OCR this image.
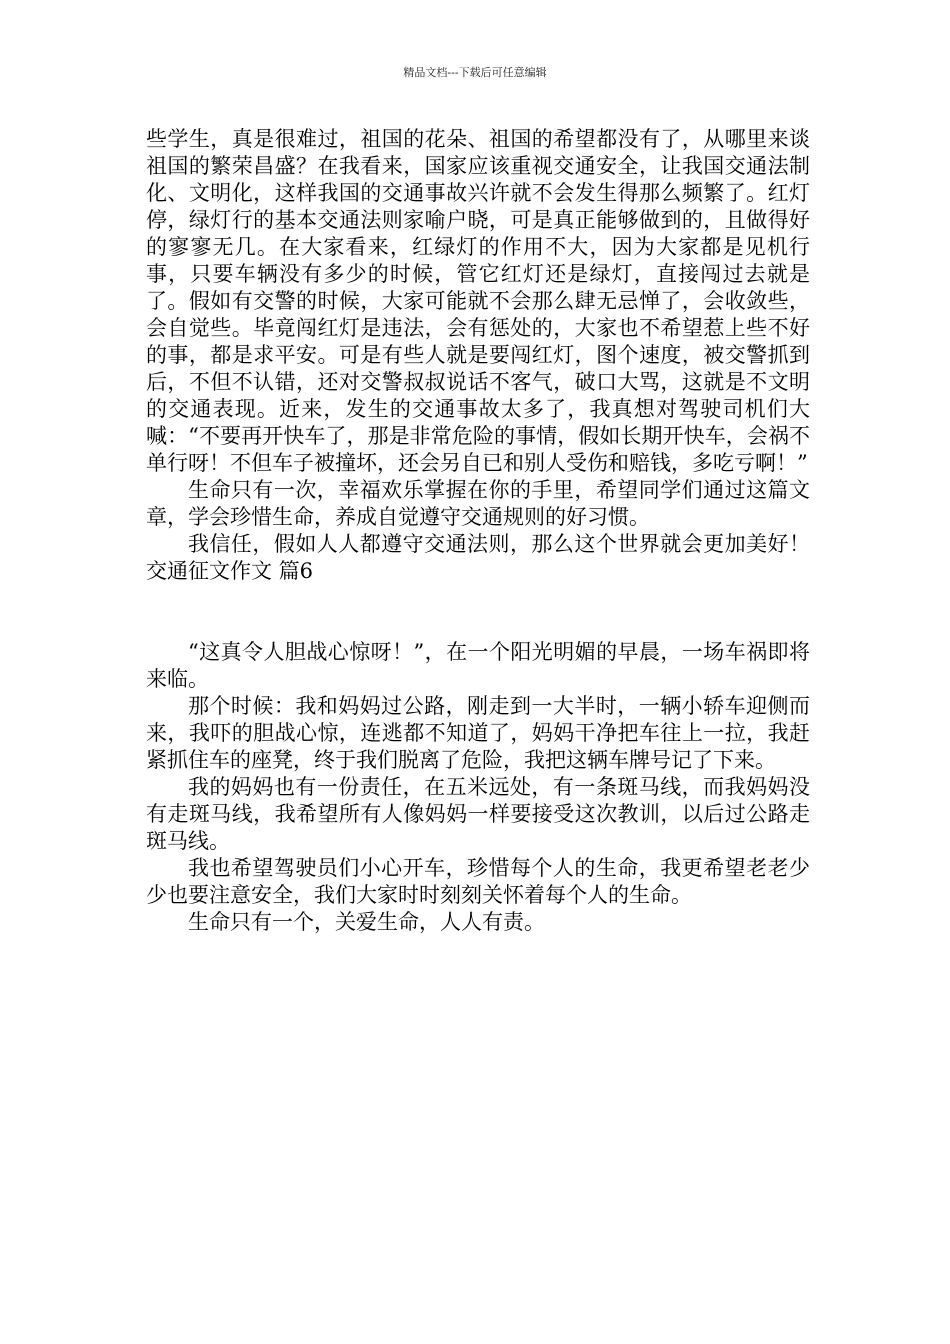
精品文档---下载后可任意编辑

些学生，真是很难过，祖国的花朵、祖国的希望都没有了，从哪里来谈祖国的繁荣昌盛？在我看来，国家应该重视交通安全，让我国交通法制化、文明化，这样我国的交通事故兴许就不会发生得那么频繁了。红灯停，绿灯行的基本交通法则家喻户晓，可是真正能够做到的，且做得好的寥寥无几。在大家看来，红绿灯的作用不大，因为大家都是见机行事，只要车辆没有多少的时候，管它红灯还是绿灯，直接闯过去就是了。假如有交警的时候，大家可能就不会那么肆无忌惮了，会收敛些，会自觉些。毕竟闯红灯是违法，会有惩处的，大家也不希望惹上些不好的事，都是求平安。可是有些人就是要闯红灯，图个速度，被交警抓到后，不但不认错，还对交警叔叔说话不客气，破口大骂，这就是不文明的交通表现。近来，发生的交通事故太多了，我真想对驾驶司机们大喊：“不要再开快车了，那是非常危险的事情，假如长期开快车，会祸不单行呀！不但车子被撞坏，还会另自已和别人受伤和赔钱，多吃亏啊！”

生命只有一次，幸福欢乐掌握在你的手里，希望同学们通过这篇文章，学会珍惜生命，养成自觉遵守交通规则的好习惯。

我信任，假如人人都遵守交通法则，那么这个世界就会更加美好！交通征文作文 篇6

“这真令人胆战心惊呀！”，在一个阳光明媚的早晨，一场车祸即将来临。

那个时候：我和妈妈过公路，刚走到一大半时，一辆小轿车迎侧而来，我吓的胆战心惊，连逃都不知道了，妈妈干净把车往上一拉，我赶紧抓住车的座凳，终于我们脱离了危险，我把这辆车牌号记了下来。

我的妈妈也有一份责任，在五米远处，有一条斑马线，而我妈妈没有走斑马线，我希望所有人像妈妈一样要接受这次教训，以后过公路走斑马线。

我也希望驾驶员们小心开车，珍惜每个人的生命，我更希望老老少少也要注意安全，我们大家时时刻刻关怀着每个人的生命。

生命只有一个，关爱生命，人人有责。
